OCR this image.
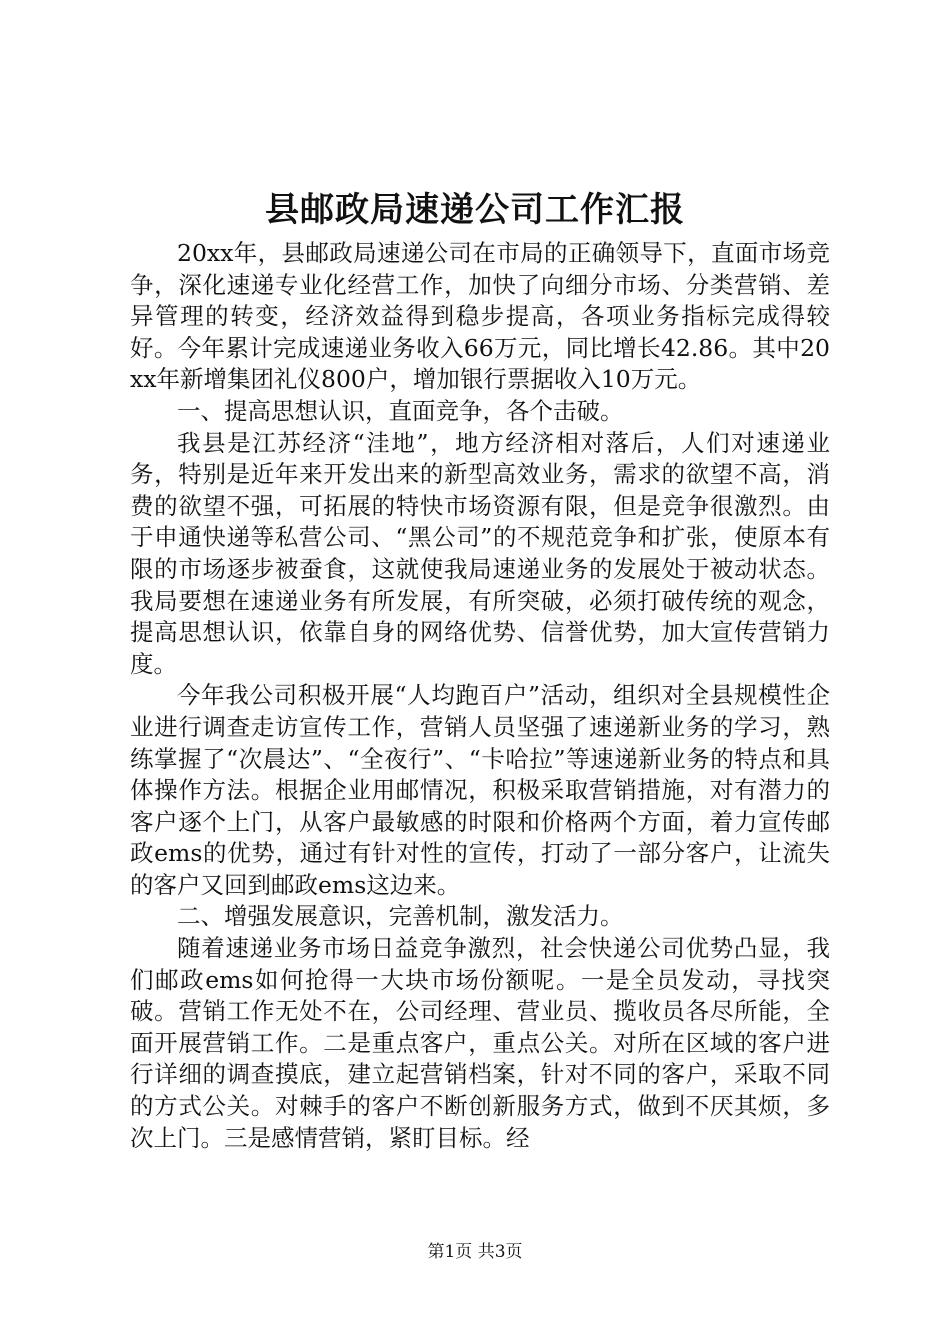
县邮政局速递公司工作汇报

20xx年，县邮政局速递公司在市局的正确领导下，直面市场竞争，深化速递专业化经营工作，加快了向细分市场、分类营销、差异管理的转变，经济效益得到稳步提高，各项业务指标完成得较好。今年累计完成速递业务收入66万元，同比增长42.86。其中20xx年新增集团礼仪800户，增加银行票据收入10万元。

一、提高思想认识，直面竞争，各个击破。

我县是江苏经济“洼地”，地方经济相对落后，人们对速递业务，特别是近年来开发出来的新型高效业务，需求的欲望不高，消费的欲望不强，可拓展的特快市场资源有限，但是竞争很激烈。由于申通快递等私营公司、“黑公司”的不规范竞争和扩张，使原本有限的市场逐步被蚕食，这就使我局速递业务的发展处于被动状态。我局要想在速递业务有所发展，有所突破，必须打破传统的观念，提高思想认识，依靠自身的网络优势、信誉优势，加大宣传营销力度。

今年我公司积极开展“人均跑百户”活动，组织对全县规模性企业进行调查走访宣传工作，营销人员坚强了速递新业务的学习，熟练掌握了“次晨达”、“全夜行”、“卡哈拉”等速递新业务的特点和具体操作方法。根据企业用邮情况，积极采取营销措施，对有潜力的客户逐个上门，从客户最敏感的时限和价格两个方面，着力宣传邮政ems的优势，通过有针对性的宣传，打动了一部分客户，让流失的客户又回到邮政ems这边来。

二、增强发展意识，完善机制，激发活力。

随着速递业务市场日益竞争激烈，社会快递公司优势凸显，我们邮政ems如何抢得一大块市场份额呢。一是全员发动，寻找突破。营销工作无处不在，公司经理、营业员、揽收员各尽所能，全面开展营销工作。二是重点客户，重点公关。对所在区域的客户进行详细的调查摸底，建立起营销档案，针对不同的客户，采取不同的方式公关。对棘手的客户不断创新服务方式，做到不厌其烦，多次上门。三是感情营销，紧盯目标。经

第1页 共3页
